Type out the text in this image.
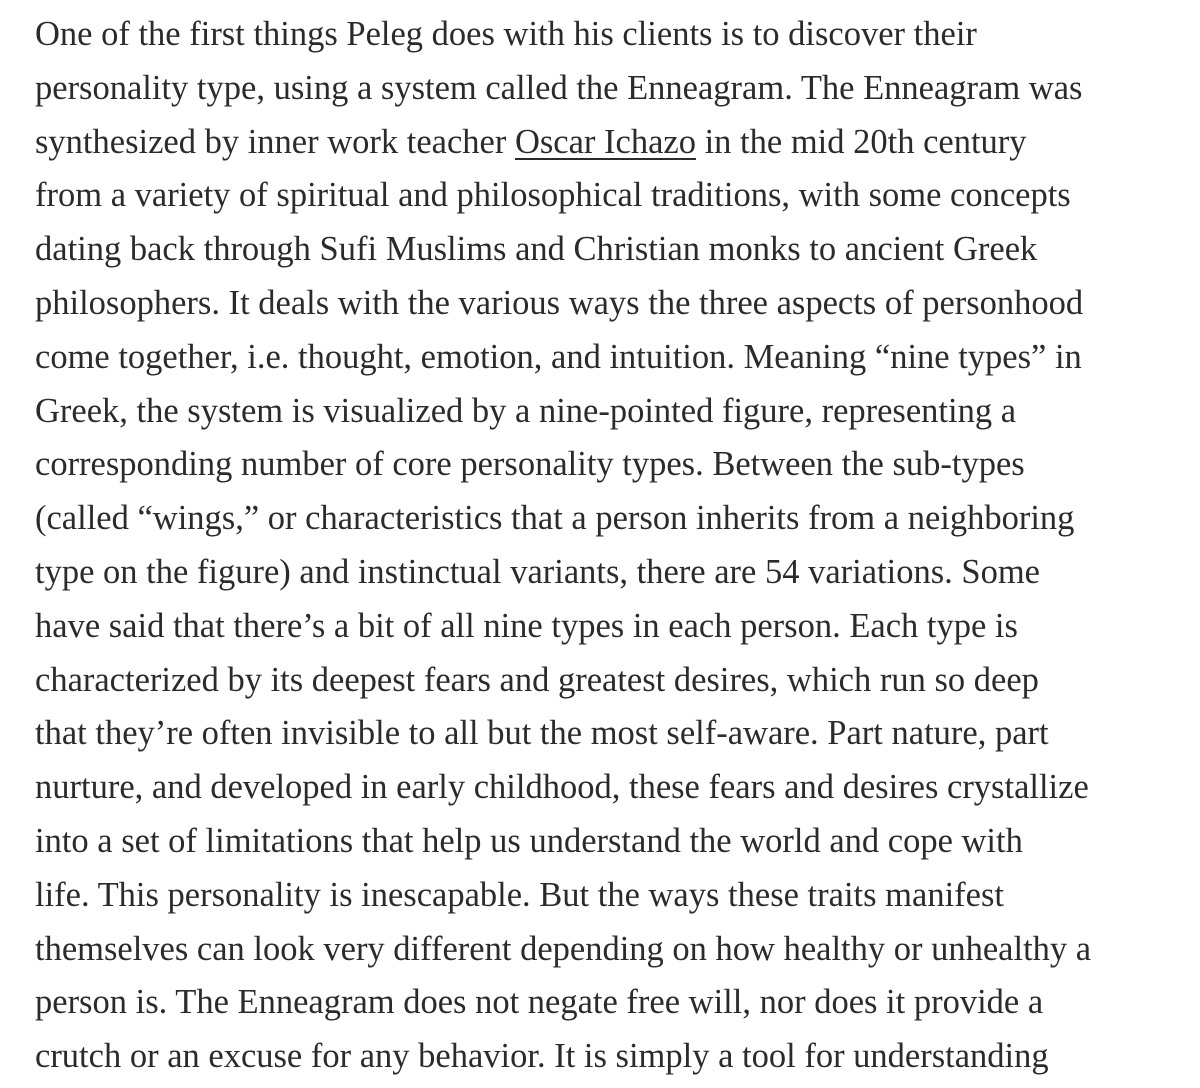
One of the first things Peleg does with his clients is to discover their
personality type, using a system called the Enneagram. The Enneagram was
synthesized by inner work teacher Oscar Ichazo in the mid 20th century
from a variety of spiritual and philosophical traditions, with some concepts
dating back through Sufi Muslims and Christian monks to ancient Greek
philosophers. It deals with the various ways the three aspects of personhood
come together, i.e. thought, emotion, and intuition. Meaning “nine types” in
Greek, the system is visualized by a nine-pointed figure, representing a
corresponding number of core personality types. Between the sub-types
(called “wings,” or characteristics that a person inherits from a neighboring
type on the figure) and instinctual variants, there are 54 variations. Some
have said that there’s a bit of all nine types in each person. Each type is
characterized by its deepest fears and greatest desires, which run so deep
that they’re often invisible to all but the most self-aware. Part nature, part
nurture, and developed in early childhood, these fears and desires crystallize
into a set of limitations that help us understand the world and cope with
life. This personality is inescapable. But the ways these traits manifest
themselves can look very different depending on how healthy or unhealthy a
person is. The Enneagram does not negate free will, nor does it provide a
crutch or an excuse for any behavior. It is simply a tool for understanding
